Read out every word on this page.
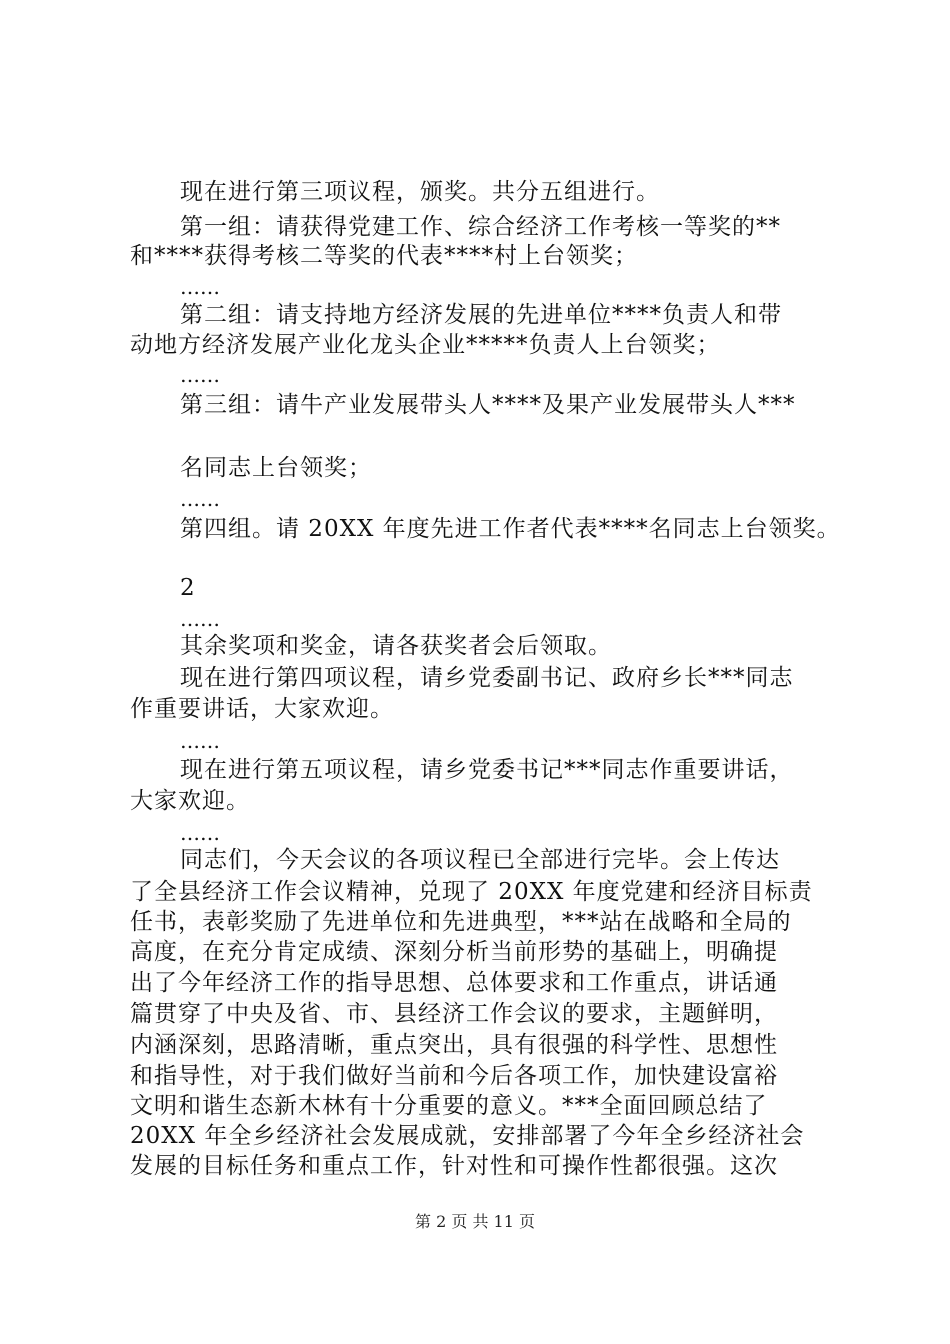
现在进行第三项议程，颁奖。共分五组进行。
第一组：请获得党建工作、综合经济工作考核一等奖的**
和****获得考核二等奖的代表****村上台领奖；
……
第二组：请支持地方经济发展的先进单位****负责人和带
动地方经济发展产业化龙头企业*****负责人上台领奖；
……
第三组：请牛产业发展带头人****及果产业发展带头人***
名同志上台领奖；
……
第四组。请 20XX 年度先进工作者代表****名同志上台领奖。
2
……
其余奖项和奖金，请各获奖者会后领取。
现在进行第四项议程，请乡党委副书记、政府乡长***同志
作重要讲话，大家欢迎。
……
现在进行第五项议程，请乡党委书记***同志作重要讲话，
大家欢迎。
……
同志们，今天会议的各项议程已全部进行完毕。会上传达
了全县经济工作会议精神，兑现了 20XX 年度党建和经济目标责
任书，表彰奖励了先进单位和先进典型，***站在战略和全局的
高度，在充分肯定成绩、深刻分析当前形势的基础上，明确提
出了今年经济工作的指导思想、总体要求和工作重点，讲话通
篇贯穿了中央及省、市、县经济工作会议的要求，主题鲜明，
内涵深刻，思路清晰，重点突出，具有很强的科学性、思想性
和指导性，对于我们做好当前和今后各项工作，加快建设富裕
文明和谐生态新木林有十分重要的意义。***全面回顾总结了
20XX 年全乡经济社会发展成就，安排部署了今年全乡经济社会
发展的目标任务和重点工作，针对性和可操作性都很强。这次
第 2 页 共 11 页
